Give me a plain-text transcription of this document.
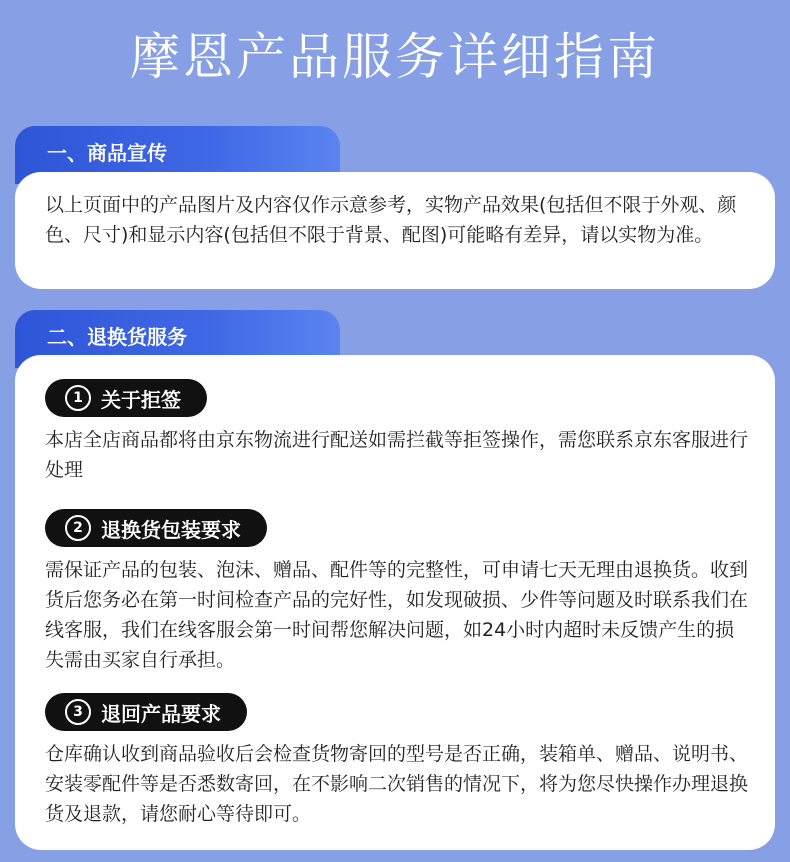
摩恩产品服务详细指南
一、商品宣传

以上页面中的产品图片及内容仅作示意参考，实物产品效果(包括但不限于外观、颜色、尺寸)和显示内容(包括但不限于背景、配图)可能略有差异，请以实物为准。

二、退换货服务
1 关于拒签

本店全店商品都将由京东物流进行配送如需拦截等拒签操作，需您联系京东客服进行处理

2 退换货包装要求

需保证产品的包装、泡沫、赠品、配件等的完整性，可申请七天无理由退换货。收到货后您务必在第一时间检查产品的完好性，如发现破损、少件等问题及时联系我们在线客服，我们在线客服会第一时间帮您解决问题，如24小时内超时未反馈产生的损失需由买家自行承担。

3 退回产品要求

仓库确认收到商品验收后会检查货物寄回的型号是否正确，装箱单、赠品、说明书、安装零配件等是否悉数寄回，在不影响二次销售的情况下，将为您尽快操作办理退换货及退款，请您耐心等待即可。
